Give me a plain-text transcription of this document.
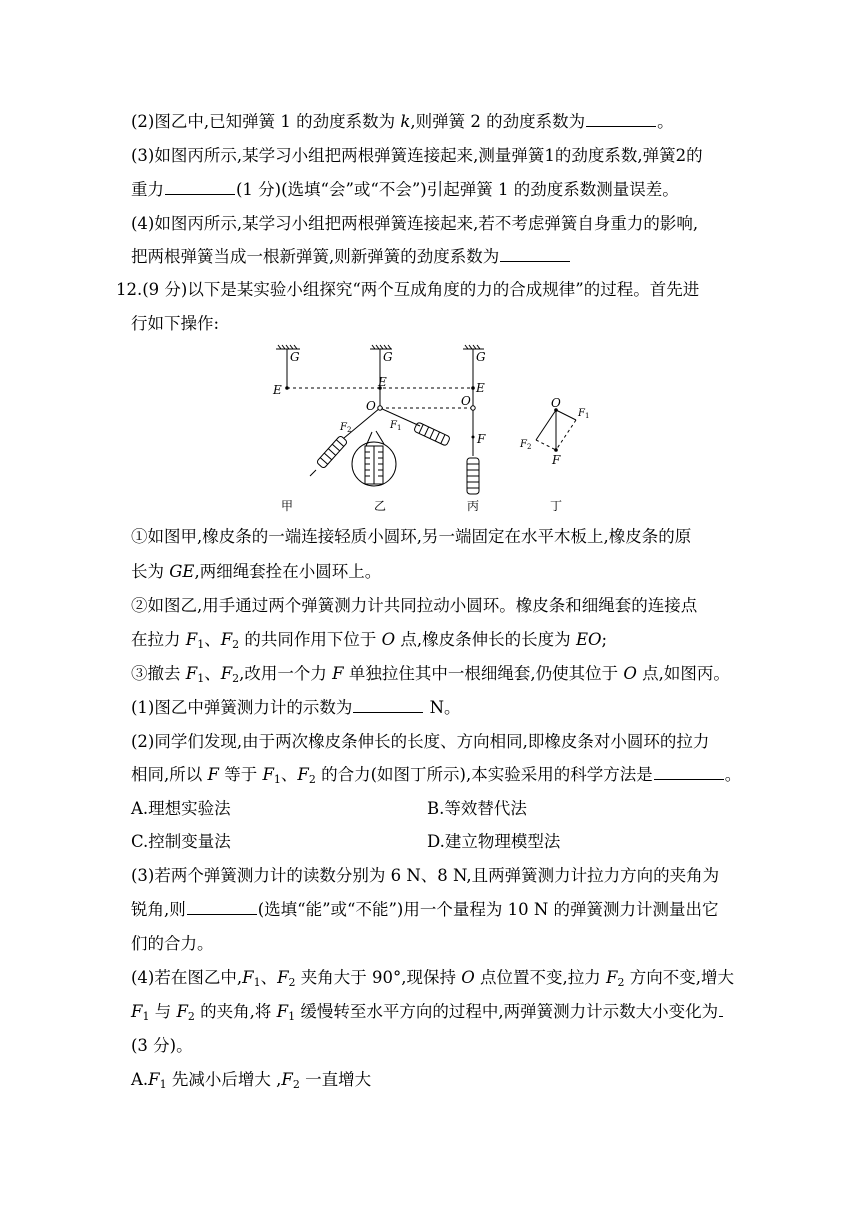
(2)图乙中,已知弹簧 1 的劲度系数为 k,则弹簧 2 的劲度系数为	。
(3)如图丙所示,某学习小组把两根弹簧连接起来,测量弹簧1的劲度系数,弹簧2的
重力	(1 分)(选填“会”或“不会”)引起弹簧 1 的劲度系数测量误差。
(4)如图丙所示,某学习小组把两根弹簧连接起来,若不考虑弹簧自身重力的影响,
把两根弹簧当成一根新弹簧,则新弹簧的劲度系数为
12.(9 分)以下是某实验小组探究“两个互成角度的力的合成规律”的过程。首先进
行如下操作:
G	G	G
E
E	E
O	O
F
O
F
$F_2$	$F_1$
$F_1$
$F_2$
甲	乙	丙	丁
①如图甲,橡皮条的一端连接轻质小圆环,另一端固定在水平木板上,橡皮条的原
长为 GE,两细绳套拴在小圆环上。
②如图乙,用手通过两个弹簧测力计共同拉动小圆环。橡皮条和细绳套的连接点
在拉力 $F_1$、$F_2$ 的共同作用下位于 O 点,橡皮条伸长的长度为 EO;
③撤去 $F_1$、$F_2$,改用一个力 F 单独拉住其中一根细绳套,仍使其位于 O 点,如图丙。
(1)图乙中弹簧测力计的示数为	N。
(2)同学们发现,由于两次橡皮条伸长的长度、方向相同,即橡皮条对小圆环的拉力
相同,所以 F 等于 $F_1$、$F_2$ 的合力(如图丁所示),本实验采用的科学方法是	。
A.理想实验法	B.等效替代法
C.控制变量法	D.建立物理模型法
(3)若两个弹簧测力计的读数分别为 6 N、8 N,且两弹簧测力计拉力方向的夹角为
锐角,则	(选填“能”或“不能”)用一个量程为 10 N 的弹簧测力计测量出它
们的合力。
(4)若在图乙中$,F_1$、$F_2$ 夹角大于 90°,现保持 O 点位置不变,拉力 $F_2$ 方向不变,增大
$F_1$ 与 $F_2$ 的夹角,将 $F_1$ 缓慢转至水平方向的过程中,两弹簧测力计示数大小变化为
(3 分)。
$A.F_1$ 先减小后增大 $,F_2$ 一直增大
